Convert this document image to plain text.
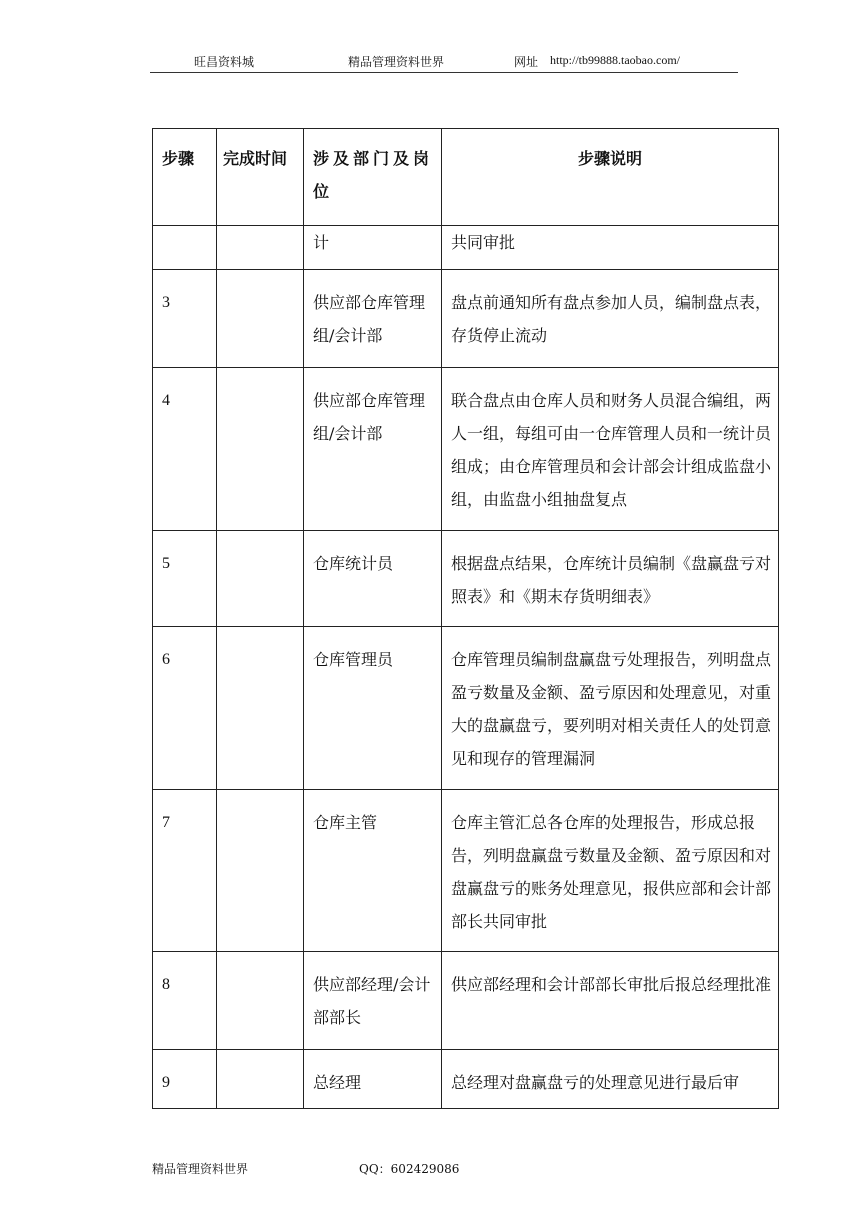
旺昌资料城	精品管理资料世界	网址 http://tb99888.taobao.com/
步骤	完成时间	涉及部门及岗位	步骤说明
		计	共同审批
3		供应部仓库管理组/会计部	盘点前通知所有盘点参加人员，编制盘点表，存货停止流动
4		供应部仓库管理组/会计部	联合盘点由仓库人员和财务人员混合编组，两人一组，每组可由一仓库管理人员和一统计员组成；由仓库管理员和会计部会计组成监盘小组，由监盘小组抽盘复点
5		仓库统计员	根据盘点结果，仓库统计员编制《盘赢盘亏对照表》和《期末存货明细表》
6		仓库管理员	仓库管理员编制盘赢盘亏处理报告，列明盘点盈亏数量及金额、盈亏原因和处理意见，对重大的盘赢盘亏，要列明对相关责任人的处罚意见和现存的管理漏洞
7		仓库主管	仓库主管汇总各仓库的处理报告，形成总报告，列明盘赢盘亏数量及金额、盈亏原因和对盘赢盘亏的账务处理意见，报供应部和会计部部长共同审批
8		供应部经理/会计部部长	供应部经理和会计部部长审批后报总经理批准
9		总经理	总经理对盘赢盘亏的处理意见进行最后审
精品管理资料世界	QQ：602429086
